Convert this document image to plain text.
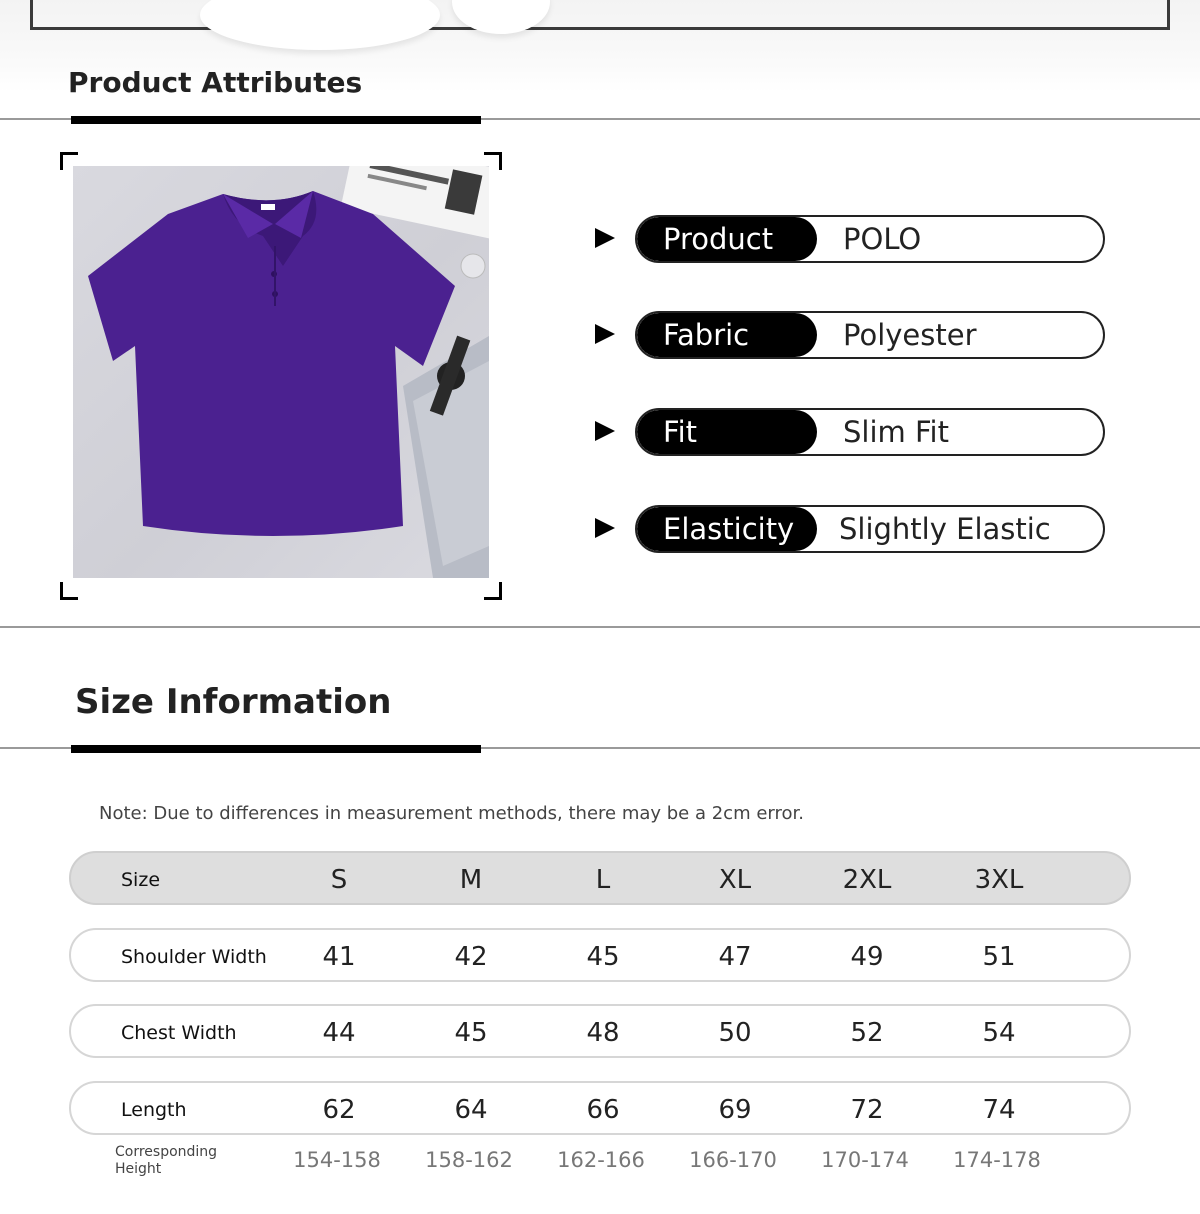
Product Attributes
Product	POLO
Fabric	Polyester
Fit	Slim Fit
Elasticity	Slightly Elastic
Size Information
Note: Due to differences in measurement methods, there may be a 2cm error.
Size	S	M	L	XL	2XL	3XL
Shoulder Width	41	42	45	47	49	51
Chest Width	44	45	48	50	52	54
Length	62	64	66	69	72	74
Corresponding Height	154-158	158-162	162-166	166-170	170-174	174-178
